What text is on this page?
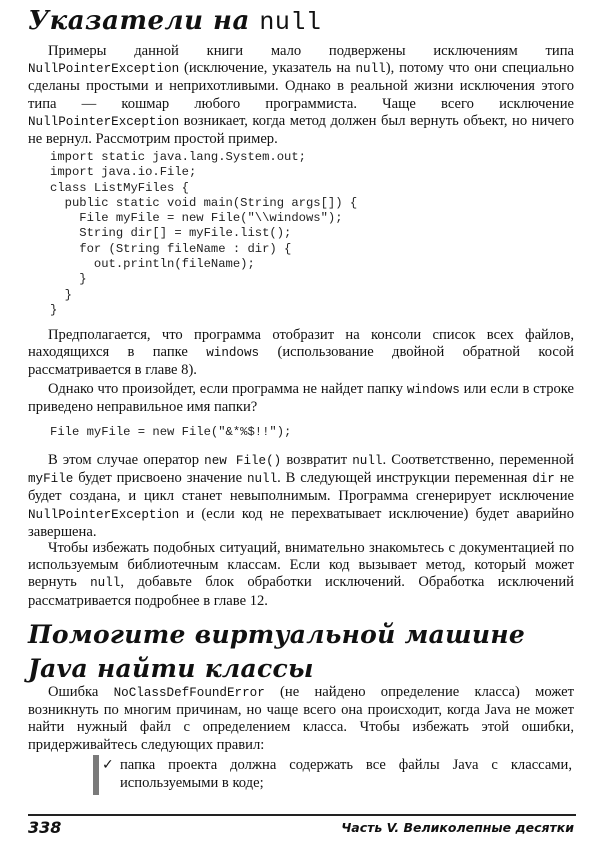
Указатели на null

Примеры данной книги мало подвержены исключениям типа NullPointerException (исключение, указатель на null), потому что они специально сделаны простыми и неприхотливыми. Однако в реальной жизни исключения этого типа — кошмар любого программиста. Чаще всего исключение NullPointerException возникает, когда метод должен был вернуть объект, но ничего не вернул. Рассмотрим простой пример.

import static java.lang.System.out;
import java.io.File;
class ListMyFiles {
public static void main(String args[]) {
File myFile = new File("\\windows");
String dir[] = myFile.list();
for (String fileName : dir) {
out.println(fileName);
}
}
}

Предполагается, что программа отобразит на консоли список всех файлов, находящихся в папке windows (использование двойной обратной косой рассматривается в главе 8).

Однако что произойдет, если программа не найдет папку windows или если в строке приведено неправильное имя папки?

File myFile = new File("&*%$!!");

В этом случае оператор new File() возвратит null. Соответственно, переменной myFile будет присвоено значение null. В следующей инструкции переменная dir не будет создана, и цикл станет невыполнимым. Программа сгенерирует исключение NullPointerException и (если код не перехватывает исключение) будет аварийно завершена.

Чтобы избежать подобных ситуаций, внимательно знакомьтесь с документацией по используемым библиотечным классам. Если код вызывает метод, который может вернуть null, добавьте блок обработки исключений. Обработка исключений рассматривается подробнее в главе 12.

Помогите виртуальной машине
Java найти классы

Ошибка NoClassDefFoundError (не найдено определение класса) может возникнуть по многим причинам, но чаще всего она происходит, когда Java не может найти нужный файл с определением класса. Чтобы избежать этой ошибки, придерживайтесь следующих правил:

✓ папка проекта должна содержать все файлы Java с классами, используемыми в коде;
338	Часть V. Великолепные десятки
